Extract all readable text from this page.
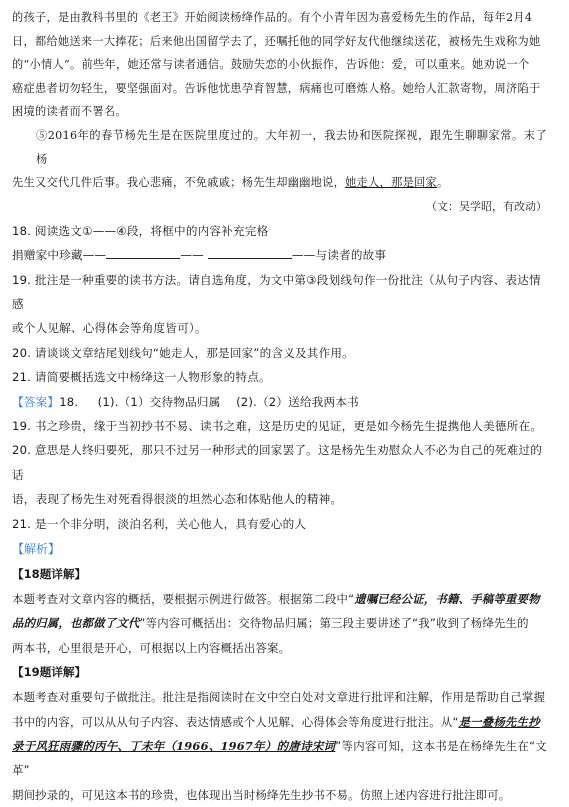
的孩子，是由教科书里的《老王》开始阅读杨绛作品的。有个小青年因为喜爱杨先生的作品，每年2月4

日，都给她送来一大捧花；后来他出国留学去了，还嘱托他的同学好友代他继续送花，被杨先生戏称为她

的“小情人”。前些年，她还常与读者通信。鼓励失恋的小伙振作，告诉他：爱，可以重来。她劝说一个

癌症患者切勿轻生，要坚强面对。告诉他忧患孕育智慧，病痛也可磨炼人格。她给人汇款寄物，周济陷于

困境的读者而不署名。

⑤2016年的春节杨先生是在医院里度过的。大年初一，我去协和医院探视，跟先生聊聊家常。末了杨

先生又交代几件后事。我心悲痛，不免戚戚；杨先生却幽幽地说，她走人，那是回家。

（文：吴学昭，有改动）

18. 阅读选文①——④段，将框中的内容补充完格

捐赠家中珍藏——	——	——与读者的故事

19. 批注是一种重要的读书方法。请自选角度，为文中第③段划线句作一份批注（从句子内容、表达情感

或个人见解、心得体会等角度皆可）。

20. 请谈谈文章结尾划线句“她走人，那是回家”的含义及其作用。

21. 请简要概括选文中杨绛这一人物形象的特点。

【答案】18. (1).（1）交待物品归属 (2).（2）送给我两本书

19. 书之珍贵，缘于当初抄书不易、读书之难，这是历史的见证，更是如今杨先生提携他人美德所在。

20. 意思是人终归要死，那只不过另一种形式的回家罢了。这是杨先生劝慰众人不必为自己的死难过的话

语，表现了杨先生对死看得很淡的坦然心态和体贴他人的精神。

21. 是一个非分明，淡泊名利，关心他人，具有爱心的人

【解析】

【18题详解】

本题考查对文章内容的概括，要根据示例进行做答。根据第二段中“遗嘱已经公证，书籍、手稿等重要物

品的归属，也都做了文代”等内容可概括出：交待物品归属；第三段主要讲述了“我”收到了杨绛先生的

两本书，心里很是开心，可根据以上内容概括出答案。

【19题详解】

本题考查对重要句子做批注。批注是指阅读时在文中空白处对文章进行批评和注解，作用是帮助自己掌握

书中的内容，可以从从句子内容、表达情感或个人见解、心得体会等角度进行批注。从“是一叠杨先生抄

录于风狂雨骤的丙午、丁未年（1966、1967年）的唐诗宋词”等内容可知，这本书是在杨绛先生在“文革”

期间抄录的，可见这本书的珍贵，也体现出当时杨绛先生抄书不易。仿照上述内容进行批注即可。
